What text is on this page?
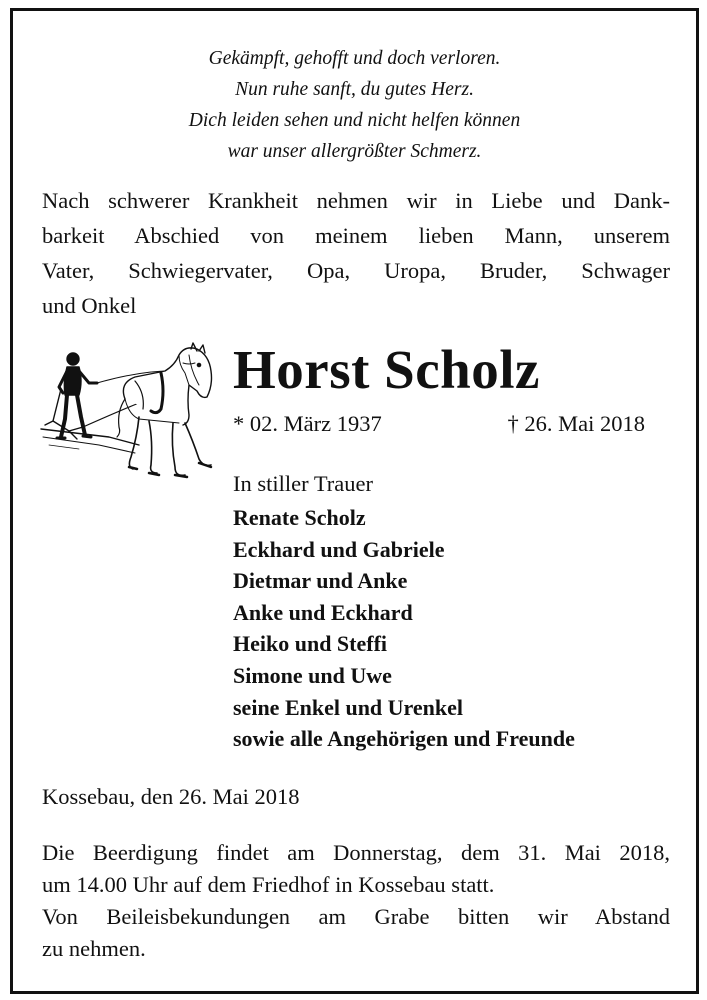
Gekämpft, gehofft und doch verloren.
Nun ruhe sanft, du gutes Herz.
Dich leiden sehen und nicht helfen können
war unser allergrößter Schmerz.
Nach schwerer Krankheit nehmen wir in Liebe und Dank-
barkeit Abschied von meinem lieben Mann, unserem
Vater, Schwiegervater, Opa, Uropa, Bruder, Schwager
und Onkel
Horst Scholz
* 02. März 1937	† 26. Mai 2018
In stiller Trauer
Renate Scholz
Eckhard und Gabriele
Dietmar und Anke
Anke und Eckhard
Heiko und Steffi
Simone und Uwe
seine Enkel und Urenkel
sowie alle Angehörigen und Freunde
Kossebau, den 26. Mai 2018
Die Beerdigung findet am Donnerstag, dem 31. Mai 2018,
um 14.00 Uhr auf dem Friedhof in Kossebau statt.
Von Beileisbekundungen am Grabe bitten wir Abstand
zu nehmen.
